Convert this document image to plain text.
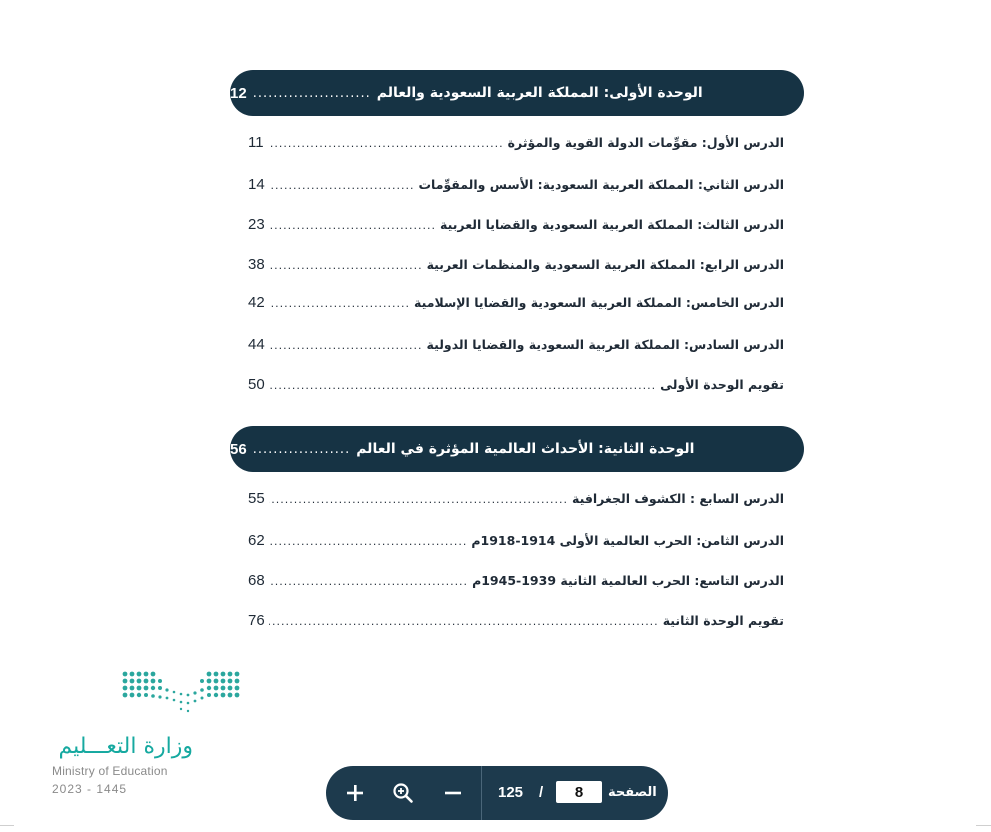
الوحدة الأولى: المملكة العربية السعودية والعالم
.......................
12
الدرس الأول: مقوِّمات الدولة القوية والمؤثرة
.....
11
الدرس الثاني: المملكة العربية السعودية: الأسس والمقوِّمات
.....
14
الدرس الثالث: المملكة العربية السعودية والقضايا العربية
.....
23
الدرس الرابع: المملكة العربية السعودية والمنظمات العربية
.....
38
الدرس الخامس: المملكة العربية السعودية والقضايا الإسلامية
.....
42
الدرس السادس: المملكة العربية السعودية والقضايا الدولية
.....
44
تقويم الوحدة الأولى
.....
50
الوحدة الثانية: الأحداث العالمية المؤثرة في العالم
...................
56
الدرس السابع : الكشوف الجغرافية
.....
55
الدرس الثامن: الحرب العالمية الأولى 1914-1918م
.....
62
الدرس التاسع: الحرب العالمية الثانية 1939-1945م
.....
68
تقويم الوحدة الثانية
.....
76
وزارة التعـــليم
Ministry of Education
2023 - 1445	125 /
8	الصفحة
